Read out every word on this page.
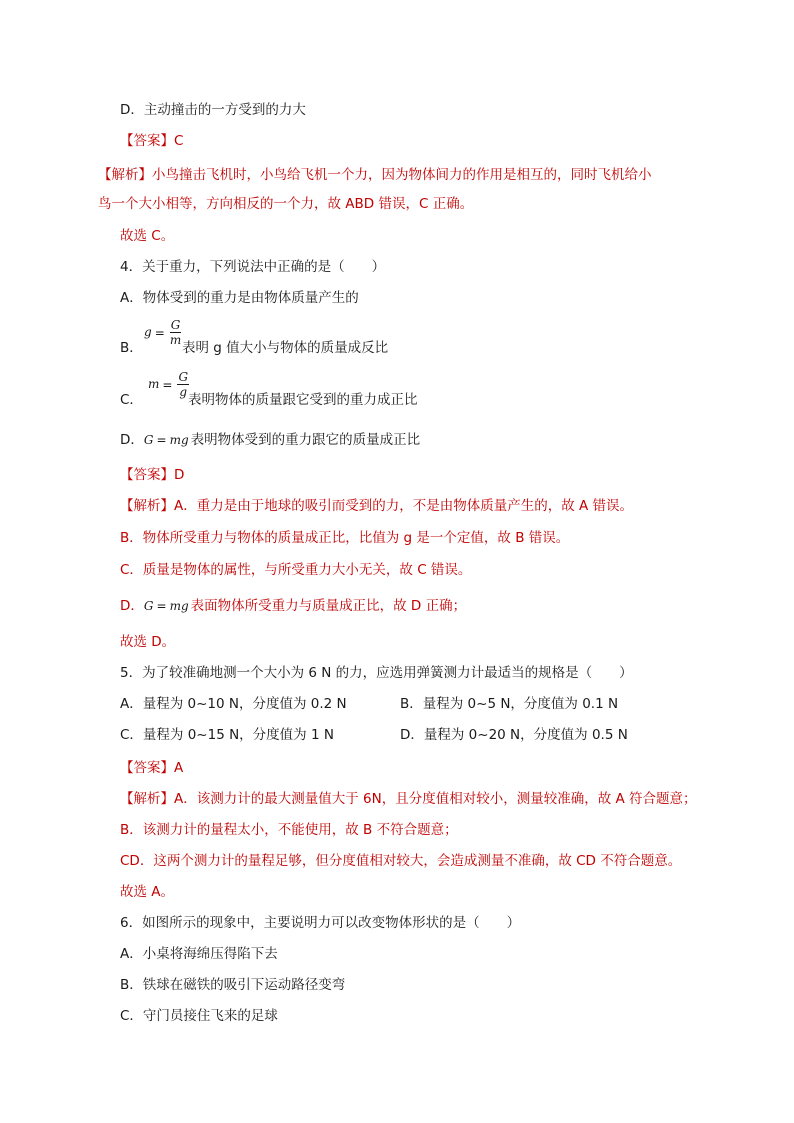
D．主动撞击的一方受到的力大
【答案】C
【解析】小鸟撞击飞机时，小鸟给飞机一个力，因为物体间力的作用是相互的，同时飞机给小
鸟一个大小相等，方向相反的一个力，故 ABD 错误，C 正确。
故选 C。
4．关于重力，下列说法中正确的是（　　）
A．物体受到的重力是由物体质量产生的
B．
$g = \frac{G}{m}$
表明 g 值大小与物体的质量成反比
C．
$m = \frac{G}{g}$
表明物体的质量跟它受到的重力成正比
D．G = mg 表明物体受到的重力跟它的质量成正比
【答案】D
【解析】A．重力是由于地球的吸引而受到的力，不是由物体质量产生的，故 A 错误。
B．物体所受重力与物体的质量成正比，比值为 g 是一个定值，故 B 错误。
C．质量是物体的属性，与所受重力大小无关，故 C 错误。
D．G = mg 表面物体所受重力与质量成正比，故 D 正确；
故选 D。
5．为了较准确地测一个大小为 6 N 的力，应选用弹簧测力计最适当的规格是（　　）
A．量程为 0~10 N，分度值为 0.2 N	B．量程为 0~5 N，分度值为 0.1 N
C．量程为 0~15 N，分度值为 1 N	D．量程为 0~20 N，分度值为 0.5 N
【答案】A
【解析】A．该测力计的最大测量值大于 6N，且分度值相对较小，测量较准确，故 A 符合题意；
B．该测力计的量程太小，不能使用，故 B 不符合题意；
CD．这两个测力计的量程足够，但分度值相对较大，会造成测量不准确，故 CD 不符合题意。
故选 A。
6．如图所示的现象中，主要说明力可以改变物体形状的是（　　）
A．小桌将海绵压得陷下去
B．铁球在磁铁的吸引下运动路径变弯
C．守门员接住飞来的足球
